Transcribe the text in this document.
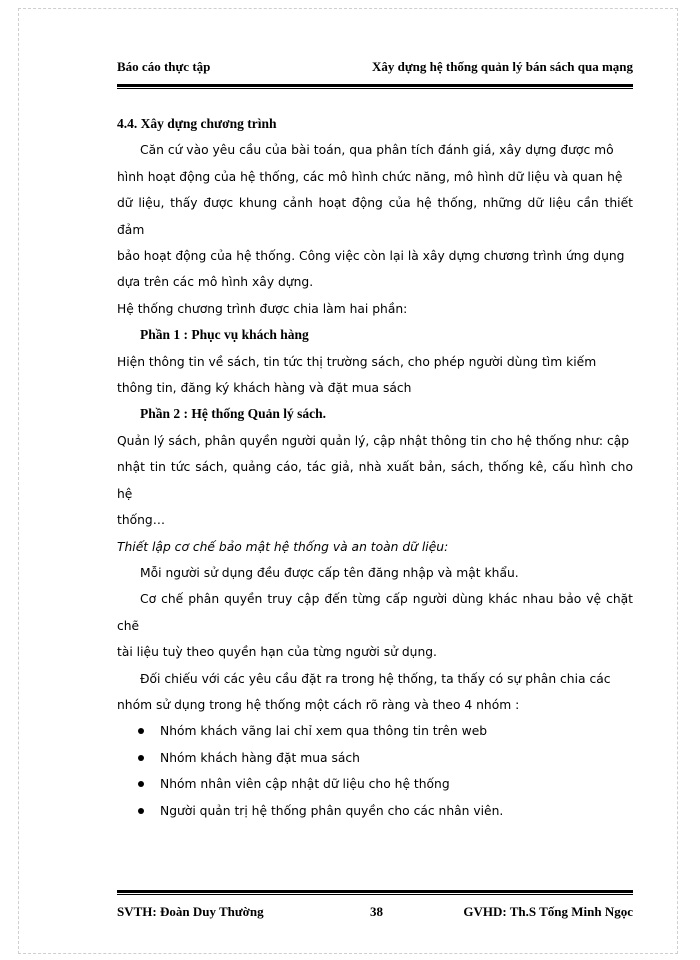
Báo cáo thực tập	Xây dựng hệ thống quản lý bán sách qua mạng

4.4. Xây dựng chương trình

Căn cứ vào yêu cầu của bài toán, qua phân tích đánh giá, xây dựng được mô

hình hoạt động của hệ thống, các mô hình chức năng, mô hình dữ liệu và quan hệ

dữ liệu, thấy được khung cảnh hoạt động của hệ thống, những dữ liệu cần thiết đảm

bảo hoạt động của hệ thống. Công việc còn lại là xây dựng chương trình ứng dụng

dựa trên các mô hình xây dựng.

Hệ thống chương trình được chia làm hai phần:

Phần 1 : Phục vụ khách hàng

Hiện thông tin về sách, tin tức thị trường sách, cho phép người dùng tìm kiếm

thông tin, đăng ký khách hàng và đặt mua sách

Phần 2 : Hệ thống Quản lý sách.

Quản lý sách, phân quyền người quản lý, cập nhật thông tin cho hệ thống như: cập

nhật tin tức sách, quảng cáo, tác giả, nhà xuất bản, sách, thống kê, cấu hình cho hệ

thống…

Thiết lập cơ chế bảo mật hệ thống và an toàn dữ liệu:

Mỗi người sử dụng đều được cấp tên đăng nhập và mật khẩu.

Cơ chế phân quyền truy cập đến từng cấp người dùng khác nhau bảo vệ chặt chẽ

tài liệu tuỳ theo quyền hạn của từng người sử dụng.

Đối chiếu với các yêu cầu đặt ra trong hệ thống, ta thấy có sự phân chia các

nhóm sử dụng trong hệ thống một cách rõ ràng và theo 4 nhóm :

Nhóm khách vãng lai chỉ xem qua thông tin trên web
Nhóm khách hàng đặt mua sách
Nhóm nhân viên cập nhật dữ liệu cho hệ thống
Người quản trị hệ thống phân quyền cho các nhân viên.
SVTH: Đoàn Duy Thường	38	GVHD: Th.S Tống Minh Ngọc
